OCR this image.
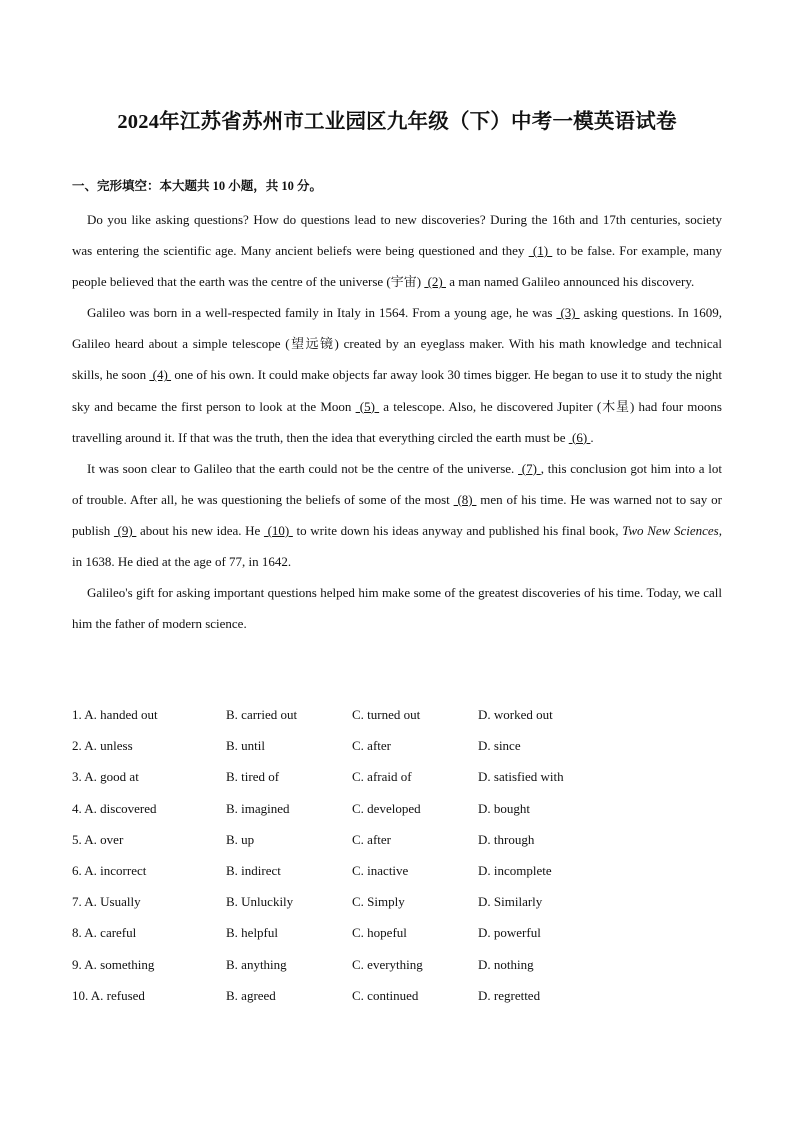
2024年江苏省苏州市工业园区九年级（下）中考一模英语试卷
一、完形填空：本大题共 10 小题，共 10 分。

Do you like asking questions? How do questions lead to new discoveries? During the 16th and 17th centuries, society was entering the scientific age. Many ancient beliefs were being questioned and they  (1)  to be false. For example, many people believed that the earth was the centre of the universe (宇宙)  (2)  a man named Galileo announced his discovery.

Galileo was born in a well-respected family in Italy in 1564. From a young age, he was  (3)  asking questions. In 1609, Galileo heard about a simple telescope (望远镜) created by an eyeglass maker. With his math knowledge and technical skills, he soon  (4)  one of his own. It could make objects far away look 30 times bigger. He began to use it to study the night sky and became the first person to look at the Moon  (5)  a telescope. Also, he discovered Jupiter (木星) had four moons travelling around it. If that was the truth, then the idea that everything circled the earth must be  (6) .

It was soon clear to Galileo that the earth could not be the centre of the universe.  (7) , this conclusion got him into a lot of trouble. After all, he was questioning the beliefs of some of the most  (8)  men of his time. He was warned not to say or publish  (9)  about his new idea. He  (10)  to write down his ideas anyway and published his final book, Two New Sciences, in 1638. He died at the age of 77, in 1642.

Galileo's gift for asking important questions helped him make some of the greatest discoveries of his time. Today, we call him the father of modern science.

1. A. handed out	B. carried out	C. turned out	D. worked out
2. A. unless	B. until	C. after	D. since
3. A. good at	B. tired of	C. afraid of	D. satisfied with
4. A. discovered	B. imagined	C. developed	D. bought
5. A. over	B. up	C. after	D. through
6. A. incorrect	B. indirect	C. inactive	D. incomplete
7. A. Usually	B. Unluckily	C. Simply	D. Similarly
8. A. careful	B. helpful	C. hopeful	D. powerful
9. A. something	B. anything	C. everything	D. nothing
10. A. refused	B. agreed	C. continued	D. regretted
